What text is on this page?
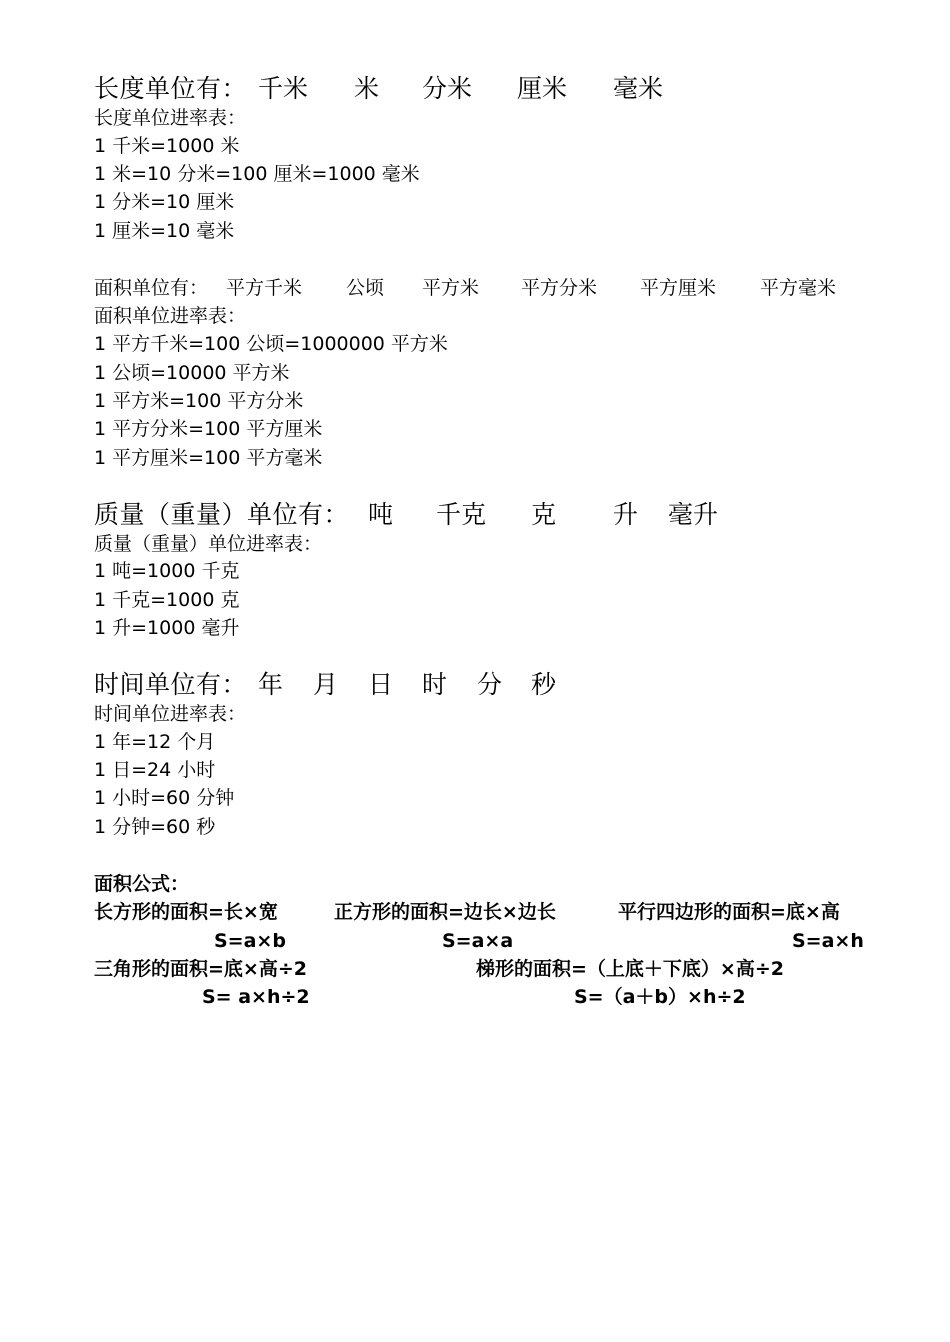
长度单位有： 千米 米 分米 厘米 毫米
长度单位进率表：
1 千米=1000 米
1 米=10 分米=100 厘米=1000 毫米
1 分米=10 厘米
1 厘米=10 毫米
面积单位有： 平方千米 公顷 平方米 平方分米 平方厘米 平方毫米
面积单位进率表：
1 平方千米=100 公顷=1000000 平方米
1 公顷=10000 平方米
1 平方米=100 平方分米
1 平方分米=100 平方厘米
1 平方厘米=100 平方毫米
质量（重量）单位有： 吨 千克 克 升 毫升
质量（重量）单位进率表：
1 吨=1000 千克
1 千克=1000 克
1 升=1000 毫升
时间单位有： 年 月 日 时 分 秒
时间单位进率表：
1 年=12 个月
1 日=24 小时
1 小时=60 分钟
1 分钟=60 秒
面积公式：
长方形的面积=长×宽	正方形的面积=边长×边长	平行四边形的面积=底×高
S=a×b	S=a×a	S=a×h
三角形的面积=底×高÷2	梯形的面积=（上底＋下底）×高÷2
S= a×h÷2	S=（a＋b）×h÷2
